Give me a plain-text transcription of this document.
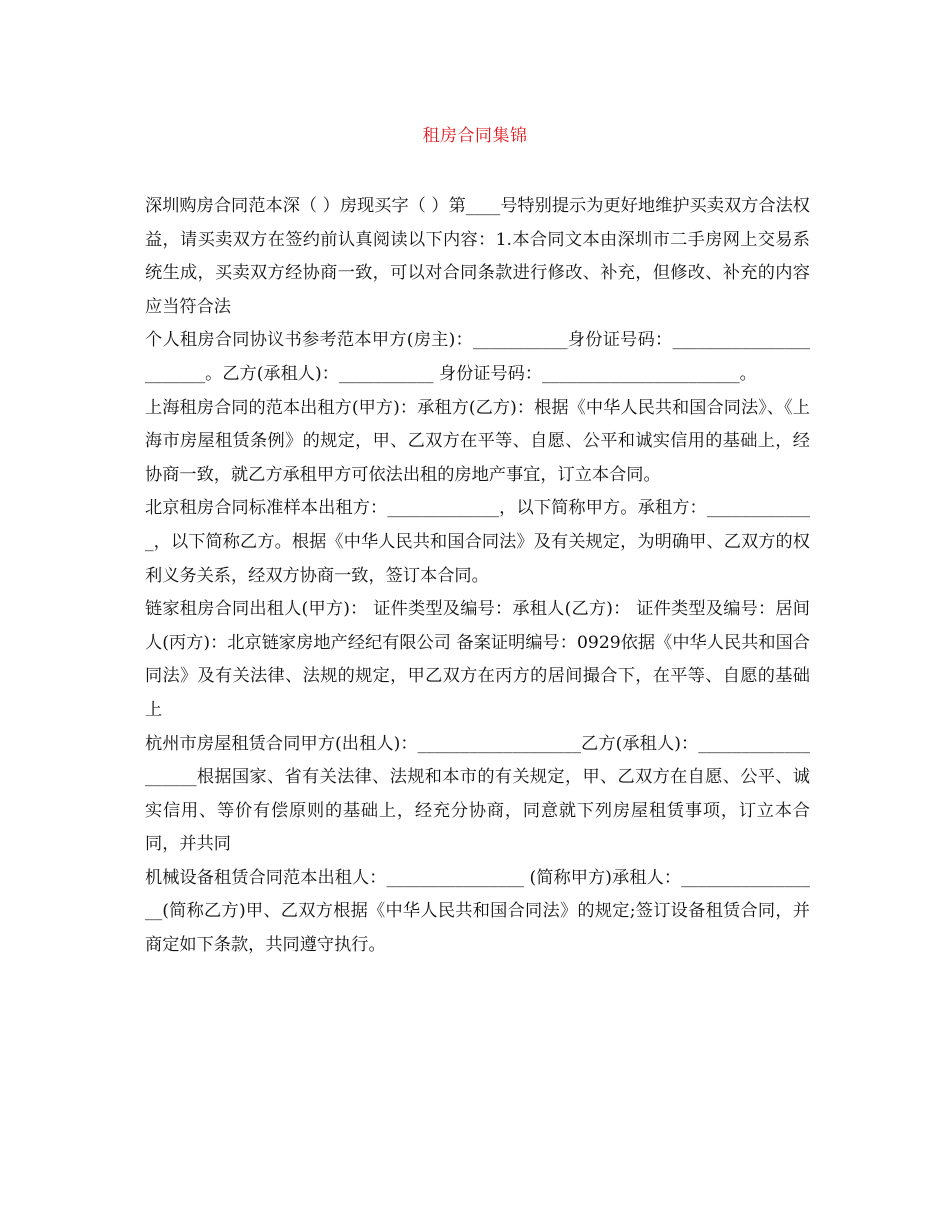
租房合同集锦

深圳购房合同范本深（ ）房现买字（ ）第____号特别提示为更好地维护买卖双方合法权益，请买卖双方在签约前认真阅读以下内容：1.本合同文本由深圳市二手房网上交易系统生成，买卖双方经协商一致，可以对合同条款进行修改、补充，但修改、补充的内容应当符合法

个人租房合同协议书参考范本甲方(房主)：___________身份证号码：_______________________。乙方(承租人)：___________ 身份证号码：_______________________。

上海租房合同的范本出租方(甲方)：承租方(乙方)：根据《中华人民共和国合同法》、《上海市房屋租赁条例》的规定，甲、乙双方在平等、自愿、公平和诚实信用的基础上，经协商一致，就乙方承租甲方可依法出租的房地产事宜，订立本合同。

北京租房合同标准样本出租方：_____________，以下简称甲方。承租方：_____________，以下简称乙方。根据《中华人民共和国合同法》及有关规定，为明确甲、乙双方的权利义务关系，经双方协商一致，签订本合同。

链家租房合同出租人(甲方)： 证件类型及编号：承租人(乙方)： 证件类型及编号：居间人(丙方)：北京链家房地产经纪有限公司 备案证明编号：0929依据《中华人民共和国合同法》及有关法律、法规的规定，甲乙双方在丙方的居间撮合下，在平等、自愿的基础上

杭州市房屋租赁合同甲方(出租人)：___________________乙方(承租人)：___________________根据国家、省有关法律、法规和本市的有关规定，甲、乙双方在自愿、公平、诚实信用、等价有偿原则的基础上，经充分协商，同意就下列房屋租赁事项，订立本合同，并共同

机械设备租赁合同范本出租人：________________ (简称甲方)承租人：_________________(简称乙方)甲、乙双方根据《中华人民共和国合同法》的规定;签订设备租赁合同，并商定如下条款，共同遵守执行。
